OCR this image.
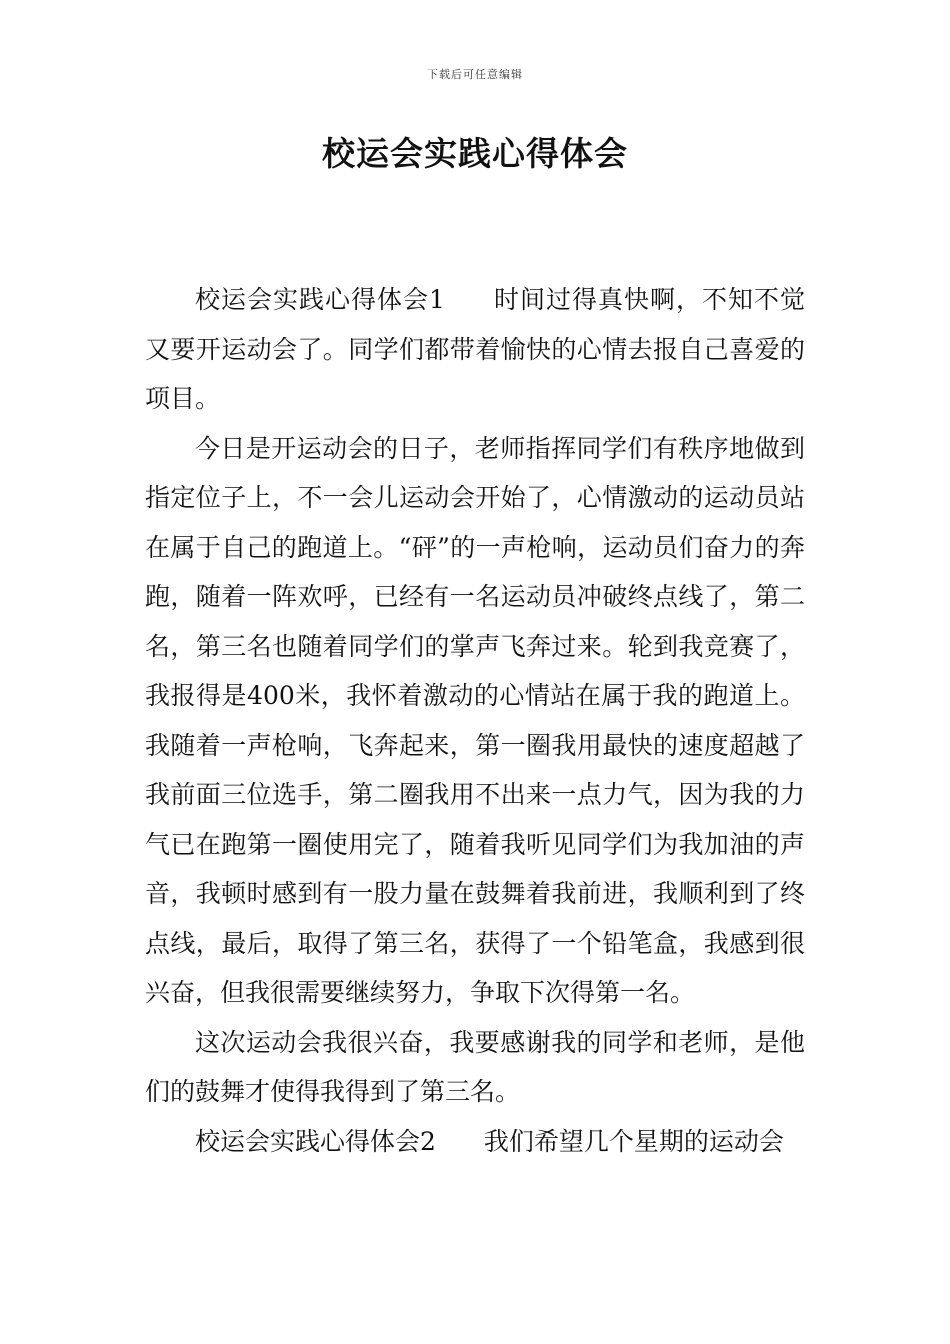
下载后可任意编辑
校运会实践心得体会

校运会实践心得体会1 时间过得真快啊，不知不觉又要开运动会了。同学们都带着愉快的心情去报自己喜爱的项目。

今日是开运动会的日子，老师指挥同学们有秩序地做到指定位子上，不一会儿运动会开始了，心情激动的运动员站在属于自己的跑道上。“砰”的一声枪响，运动员们奋力的奔跑，随着一阵欢呼，已经有一名运动员冲破终点线了，第二名，第三名也随着同学们的掌声飞奔过来。轮到我竞赛了，我报得是400米，我怀着激动的心情站在属于我的跑道上。我随着一声枪响，飞奔起来，第一圈我用最快的速度超越了我前面三位选手，第二圈我用不出来一点力气，因为我的力气已在跑第一圈使用完了，随着我听见同学们为我加油的声音，我顿时感到有一股力量在鼓舞着我前进，我顺利到了终点线，最后，取得了第三名，获得了一个铅笔盒，我感到很兴奋，但我很需要继续努力，争取下次得第一名。

这次运动会我很兴奋，我要感谢我的同学和老师，是他们的鼓舞才使得我得到了第三名。

校运会实践心得体会2 我们希望几个星期的运动会
